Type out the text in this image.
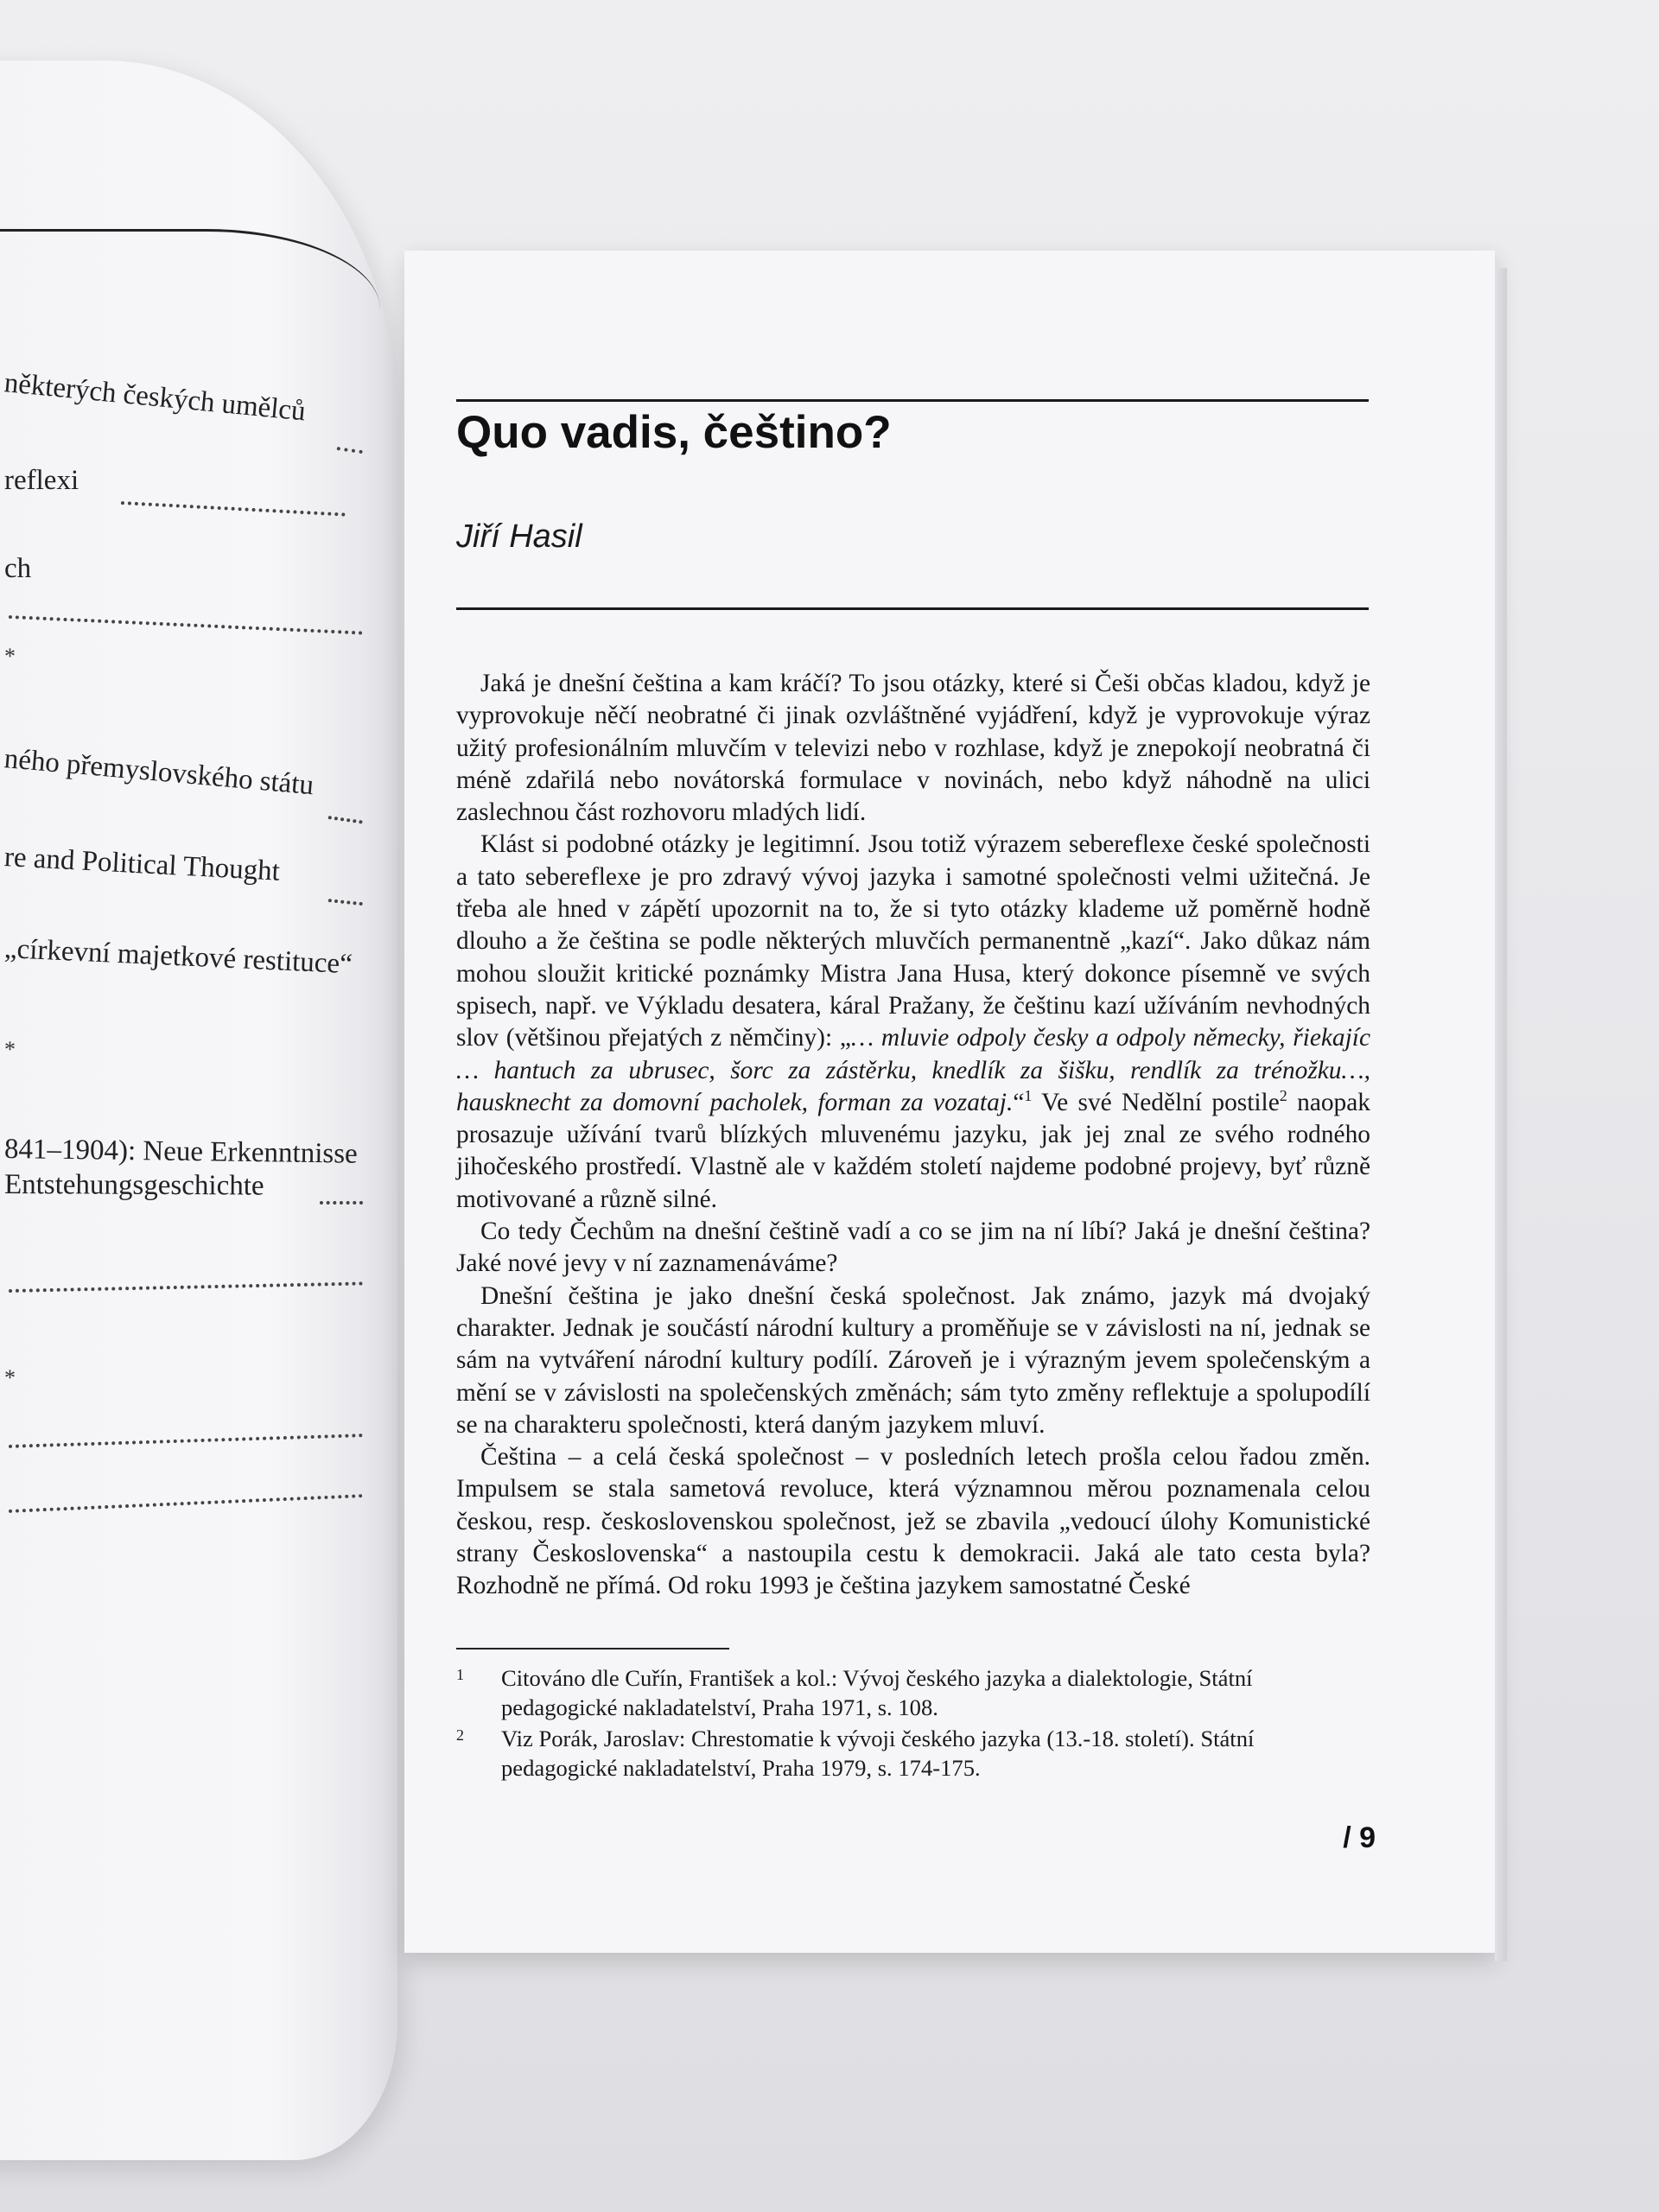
některých českých umělců
reflexi
ch
*
ného přemyslovského státu
re and Political Thought
„církevní majetkové restituce“
*
841–1904): Neue Erkenntnisse
Entstehungsgeschichte
*
Quo vadis, češtino?

Jiří Hasil

Jaká je dnešní čeština a kam kráčí? To jsou otázky, které si Češi občas kladou, když je vyprovokuje něčí neobratné či jinak ozvláštněné vyjádření, když je vyprovokuje výraz užitý profesionálním mluvčím v televizi nebo v rozhlase, když je znepokojí neobratná či méně zdařilá nebo novátorská formulace v novinách, nebo když náhodně na ulici zaslechnou část rozhovoru mladých lidí.

Klást si podobné otázky je legitimní. Jsou totiž výrazem sebereflexe české společnosti a tato sebereflexe je pro zdravý vývoj jazyka i samotné společnosti velmi užitečná. Je třeba ale hned v zápětí upozornit na to, že si tyto otázky klademe už poměrně hodně dlouho a že čeština se podle některých mluvčích permanentně „kazí“. Jako důkaz nám mohou sloužit kritické poznámky Mistra Jana Husa, který dokonce písemně ve svých spisech, např. ve Výkladu desatera, káral Pražany, že češtinu kazí užíváním nevhodných slov (většinou přejatých z němčiny): „… mluvie odpoly česky a odpoly německy, řiekajíc … hantuch za ubrusec, šorc za zástěrku, knedlík za šišku, rendlík za trénožku…, hausknecht za domovní pacholek, forman za vozataj.“$^1$ Ve své Nedělní postile$^2$ naopak prosazuje užívání tvarů blízkých mluvenému jazyku, jak jej znal ze svého rodného jihočeského prostředí. Vlastně ale v každém století najdeme podobné projevy, byť různě motivované a různě silné.

Co tedy Čechům na dnešní češtině vadí a co se jim na ní líbí? Jaká je dnešní čeština? Jaké nové jevy v ní zaznamenáváme?

Dnešní čeština je jako dnešní česká společnost. Jak známo, jazyk má dvojaký charakter. Jednak je součástí národní kultury a proměňuje se v závislosti na ní, jednak se sám na vytváření národní kultury podílí. Zároveň je i výrazným jevem společenským a mění se v závislosti na společenských změnách; sám tyto změny reflektuje a spolupodílí se na charakteru společnosti, která daným jazykem mluví.

Čeština – a celá česká společnost – v posledních letech prošla celou řadou změn. Impulsem se stala sametová revoluce, která významnou měrou poznamenala celou českou, resp. československou společnost, jež se zbavila „vedoucí úlohy Komunistické strany Československa“ a nastoupila cestu k demokracii. Jaká ale tato cesta byla? Rozhodně ne přímá. Od roku 1993 je čeština jazykem samostatné České

1	Citováno dle Cuřín, František a kol.: Vývoj českého jazyka a dialektologie, Státní pedagogické nakladatelství, Praha 1971, s. 108.
2	Viz Porák, Jaroslav: Chrestomatie k vývoji českého jazyka (13.-18. století). Státní pedagogické nakladatelství, Praha 1979, s. 174-175.
/ 9
